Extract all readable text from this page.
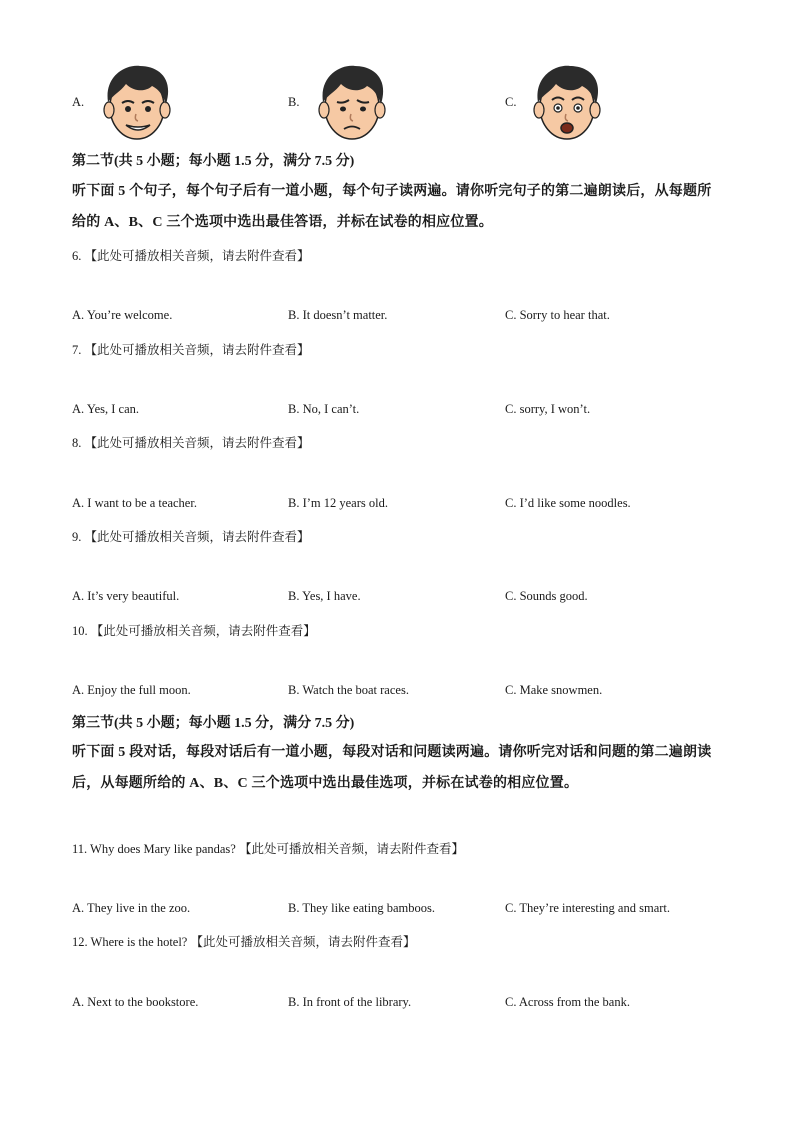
A.	B.	C.
第二节(共 5 小题；每小题 1.5 分，满分 7.5 分)
听下面 5 个句子，每个句子后有一道小题，每个句子读两遍。请你听完句子的第二遍朗读后，从每题所给的 A、B、C 三个选项中选出最佳答语，并标在试卷的相应位置。
6. 【此处可播放相关音频，请去附件查看】
A. You’re welcome.	B. It doesn’t matter.	C. Sorry to hear that.
7. 【此处可播放相关音频，请去附件查看】
A. Yes, I can.	B. No, I can’t.	C. sorry, I won’t.
8. 【此处可播放相关音频，请去附件查看】
A. I want to be a teacher.	B. I’m 12 years old.	C. I’d like some noodles.
9. 【此处可播放相关音频，请去附件查看】
A. It’s very beautiful.	B. Yes, I have.	C. Sounds good.
10. 【此处可播放相关音频，请去附件查看】
A. Enjoy the full moon.	B. Watch the boat races.	C. Make snowmen.
第三节(共 5 小题；每小题 1.5 分，满分 7.5 分)
听下面 5 段对话，每段对话后有一道小题，每段对话和问题读两遍。请你听完对话和问题的第二遍朗读后，从每题所给的 A、B、C 三个选项中选出最佳选项，并标在试卷的相应位置。
11. Why does Mary like pandas? 【此处可播放相关音频，请去附件查看】
A. They live in the zoo.	B. They like eating bamboos.	C. They’re interesting and smart.
12. Where is the hotel? 【此处可播放相关音频，请去附件查看】
A. Next to the bookstore.	B. In front of the library.	C. Across from the bank.
